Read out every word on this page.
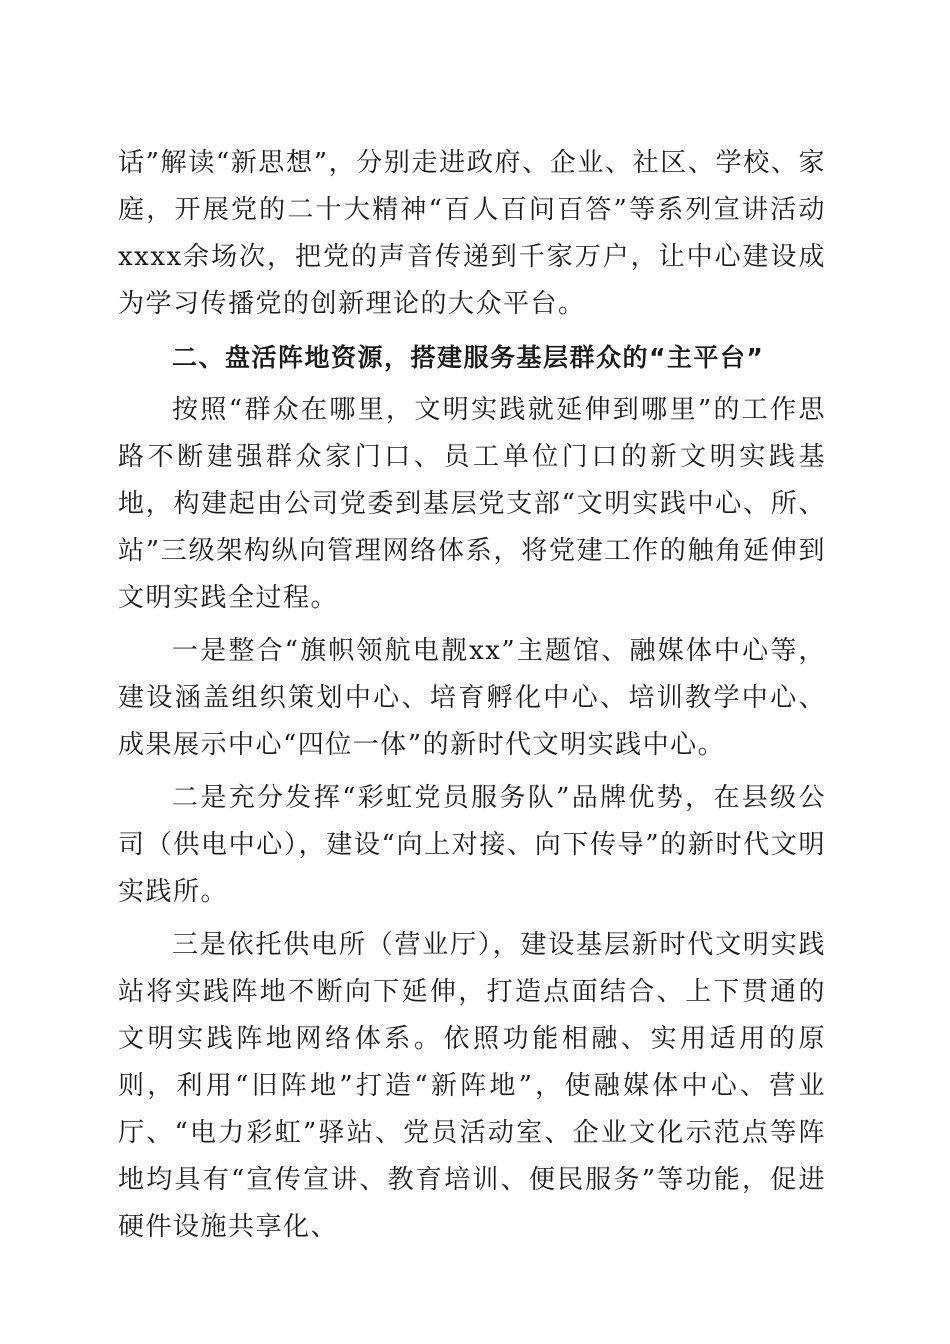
话”解读“新思想”，分别走进政府、企业、社区、学校、家庭，开展党的二十大精神“百人百问百答”等系列宣讲活动xxxx余场次，把党的声音传递到千家万户，让中心建设成为学习传播党的创新理论的大众平台。

二、盘活阵地资源，搭建服务基层群众的“主平台”

按照“群众在哪里，文明实践就延伸到哪里”的工作思路不断建强群众家门口、员工单位门口的新文明实践基地，构建起由公司党委到基层党支部“文明实践中心、所、站”三级架构纵向管理网络体系，将党建工作的触角延伸到文明实践全过程。

一是整合“旗帜领航电靓xx”主题馆、融媒体中心等，建设涵盖组织策划中心、培育孵化中心、培训教学中心、成果展示中心“四位一体”的新时代文明实践中心。

二是充分发挥“彩虹党员服务队”品牌优势，在县级公司（供电中心），建设“向上对接、向下传导”的新时代文明实践所。

三是依托供电所（营业厅），建设基层新时代文明实践站将实践阵地不断向下延伸，打造点面结合、上下贯通的文明实践阵地网络体系。依照功能相融、实用适用的原则，利用“旧阵地”打造“新阵地”，使融媒体中心、营业厅、“电力彩虹”驿站、党员活动室、企业文化示范点等阵地均具有“宣传宣讲、教育培训、便民服务”等功能，促进硬件设施共享化、
